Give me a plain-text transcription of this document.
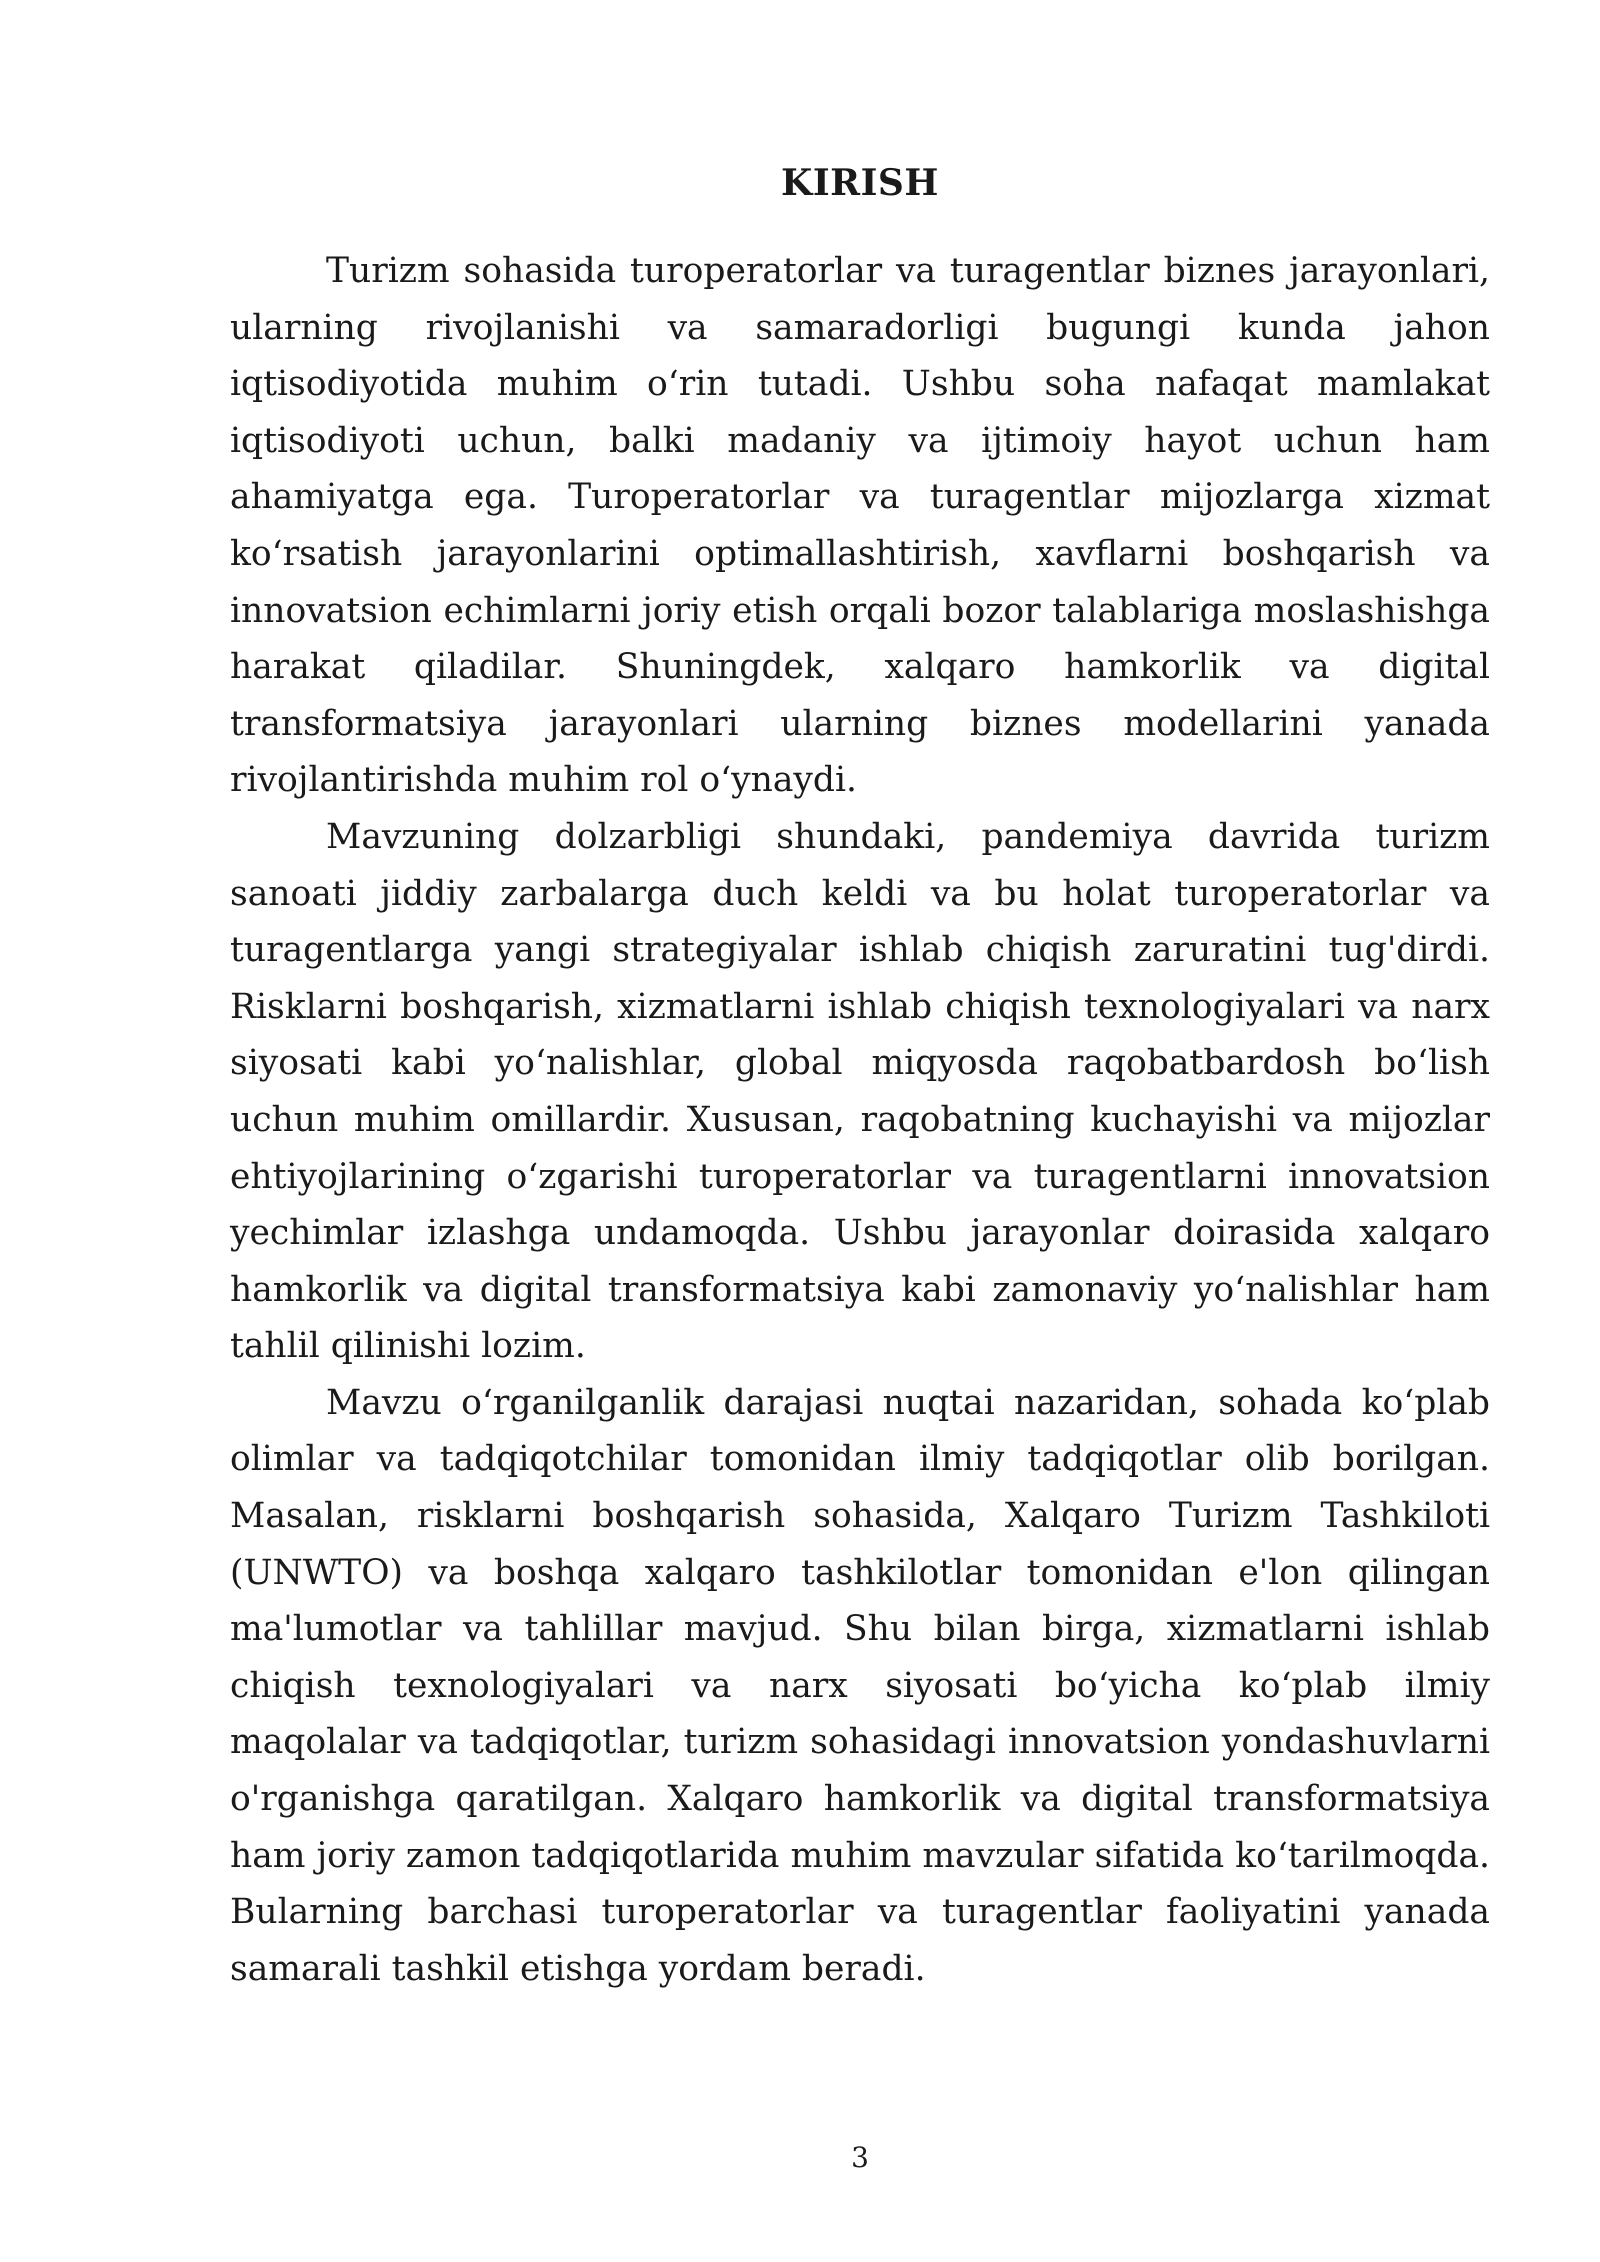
KIRISH

Turizm sohasida turoperatorlar va turagentlar biznes jarayonlari, ularning rivojlanishi va samaradorligi bugungi kunda jahon iqtisodiyotida muhim o‘rin tutadi. Ushbu soha nafaqat mamlakat iqtisodiyoti uchun, balki madaniy va ijtimoiy hayot uchun ham ahamiyatga ega. Turoperatorlar va turagentlar mijozlarga xizmat ko‘rsatish jarayonlarini optimallashtirish, xavflarni boshqarish va innovatsion echimlarni joriy etish orqali bozor talablariga moslashishga harakat qiladilar. Shuningdek, xalqaro hamkorlik va digital transformatsiya jarayonlari ularning biznes modellarini yanada rivojlantirishda muhim rol o‘ynaydi.

Mavzuning dolzarbligi shundaki, pandemiya davrida turizm sanoati jiddiy zarbalarga duch keldi va bu holat turoperatorlar va turagentlarga yangi strategiyalar ishlab chiqish zaruratini tug'dirdi. Risklarni boshqarish, xizmatlarni ishlab chiqish texnologiyalari va narx siyosati kabi yo‘nalishlar, global miqyosda raqobatbardosh bo‘lish uchun muhim omillardir. Xususan, raqobatning kuchayishi va mijozlar ehtiyojlarining o‘zgarishi turoperatorlar va turagentlarni innovatsion yechimlar izlashga undamoqda. Ushbu jarayonlar doirasida xalqaro hamkorlik va digital transformatsiya kabi zamonaviy yo‘nalishlar ham tahlil qilinishi lozim.

Mavzu o‘rganilganlik darajasi nuqtai nazaridan, sohada ko‘plab olimlar va tadqiqotchilar tomonidan ilmiy tadqiqotlar olib borilgan. Masalan, risklarni boshqarish sohasida, Xalqaro Turizm Tashkiloti (UNWTO) va boshqa xalqaro tashkilotlar tomonidan e'lon qilingan ma'lumotlar va tahlillar mavjud. Shu bilan birga, xizmatlarni ishlab chiqish texnologiyalari va narx siyosati bo‘yicha ko‘plab ilmiy maqolalar va tadqiqotlar, turizm sohasidagi innovatsion yondashuvlarni o'rganishga qaratilgan. Xalqaro hamkorlik va digital transformatsiya ham joriy zamon tadqiqotlarida muhim mavzular sifatida ko‘tarilmoqda. Bularning barchasi turoperatorlar va turagentlar faoliyatini yanada samarali tashkil etishga yordam beradi.

3
